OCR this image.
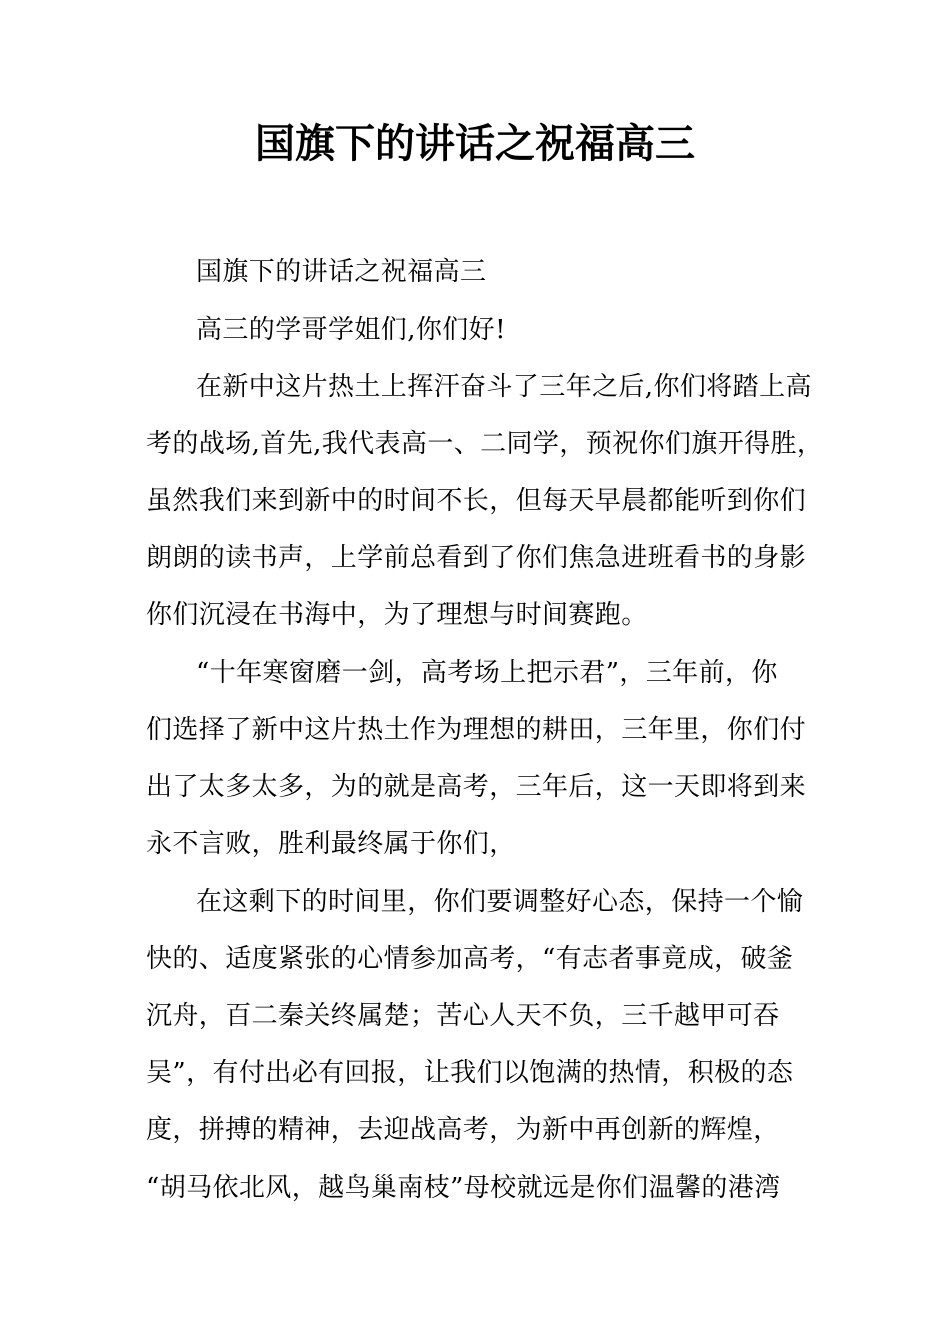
国旗下的讲话之祝福高三
国旗下的讲话之祝福高三
高三的学哥学姐们,你们好!
在新中这片热土上挥汗奋斗了三年之后,你们将踏上高
考的战场,首先,我代表高一、二同学，预祝你们旗开得胜，
虽然我们来到新中的时间不长，但每天早晨都能听到你们
朗朗的读书声，上学前总看到了你们焦急进班看书的身影
你们沉浸在书海中，为了理想与时间赛跑。
“十年寒窗磨一剑，高考场上把示君”，三年前，你
们选择了新中这片热土作为理想的耕田，三年里，你们付
出了太多太多，为的就是高考，三年后，这一天即将到来
永不言败，胜利最终属于你们，
在这剩下的时间里，你们要调整好心态，保持一个愉
快的、适度紧张的心情参加高考，“有志者事竟成，破釜
沉舟，百二秦关终属楚；苦心人天不负，三千越甲可吞
吴”，有付出必有回报，让我们以饱满的热情，积极的态
度，拼搏的精神，去迎战高考，为新中再创新的辉煌，
“胡马依北风，越鸟巢南枝”母校就远是你们温馨的港湾
